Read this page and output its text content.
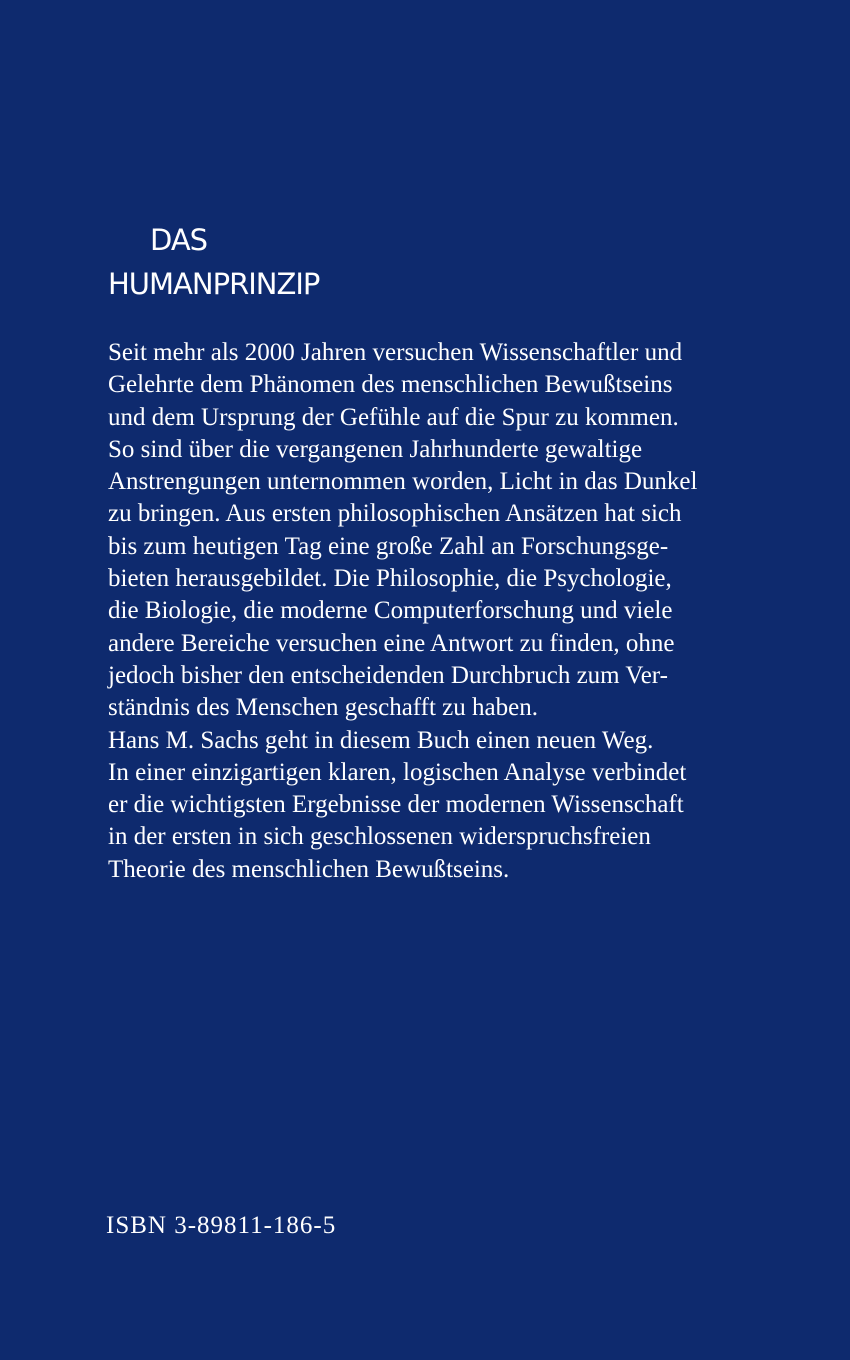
DAS
HUMANPRINZIP
Seit mehr als 2000 Jahren versuchen Wissenschaftler und
Gelehrte dem Phänomen des menschlichen Bewußtseins
und dem Ursprung der Gefühle auf die Spur zu kommen.
So sind über die vergangenen Jahrhunderte gewaltige
Anstrengungen unternommen worden, Licht in das Dunkel
zu bringen. Aus ersten philosophischen Ansätzen hat sich
bis zum heutigen Tag eine große Zahl an Forschungsge-
bieten herausgebildet. Die Philosophie, die Psychologie,
die Biologie, die moderne Computerforschung und viele
andere Bereiche versuchen eine Antwort zu finden, ohne
jedoch bisher den entscheidenden Durchbruch zum Ver-
ständnis des Menschen geschafft zu haben.
Hans M. Sachs geht in diesem Buch einen neuen Weg.
In einer einzigartigen klaren, logischen Analyse verbindet
er die wichtigsten Ergebnisse der modernen Wissenschaft
in der ersten in sich geschlossenen widerspruchsfreien
Theorie des menschlichen Bewußtseins.

ISBN 3-89811-186-5
